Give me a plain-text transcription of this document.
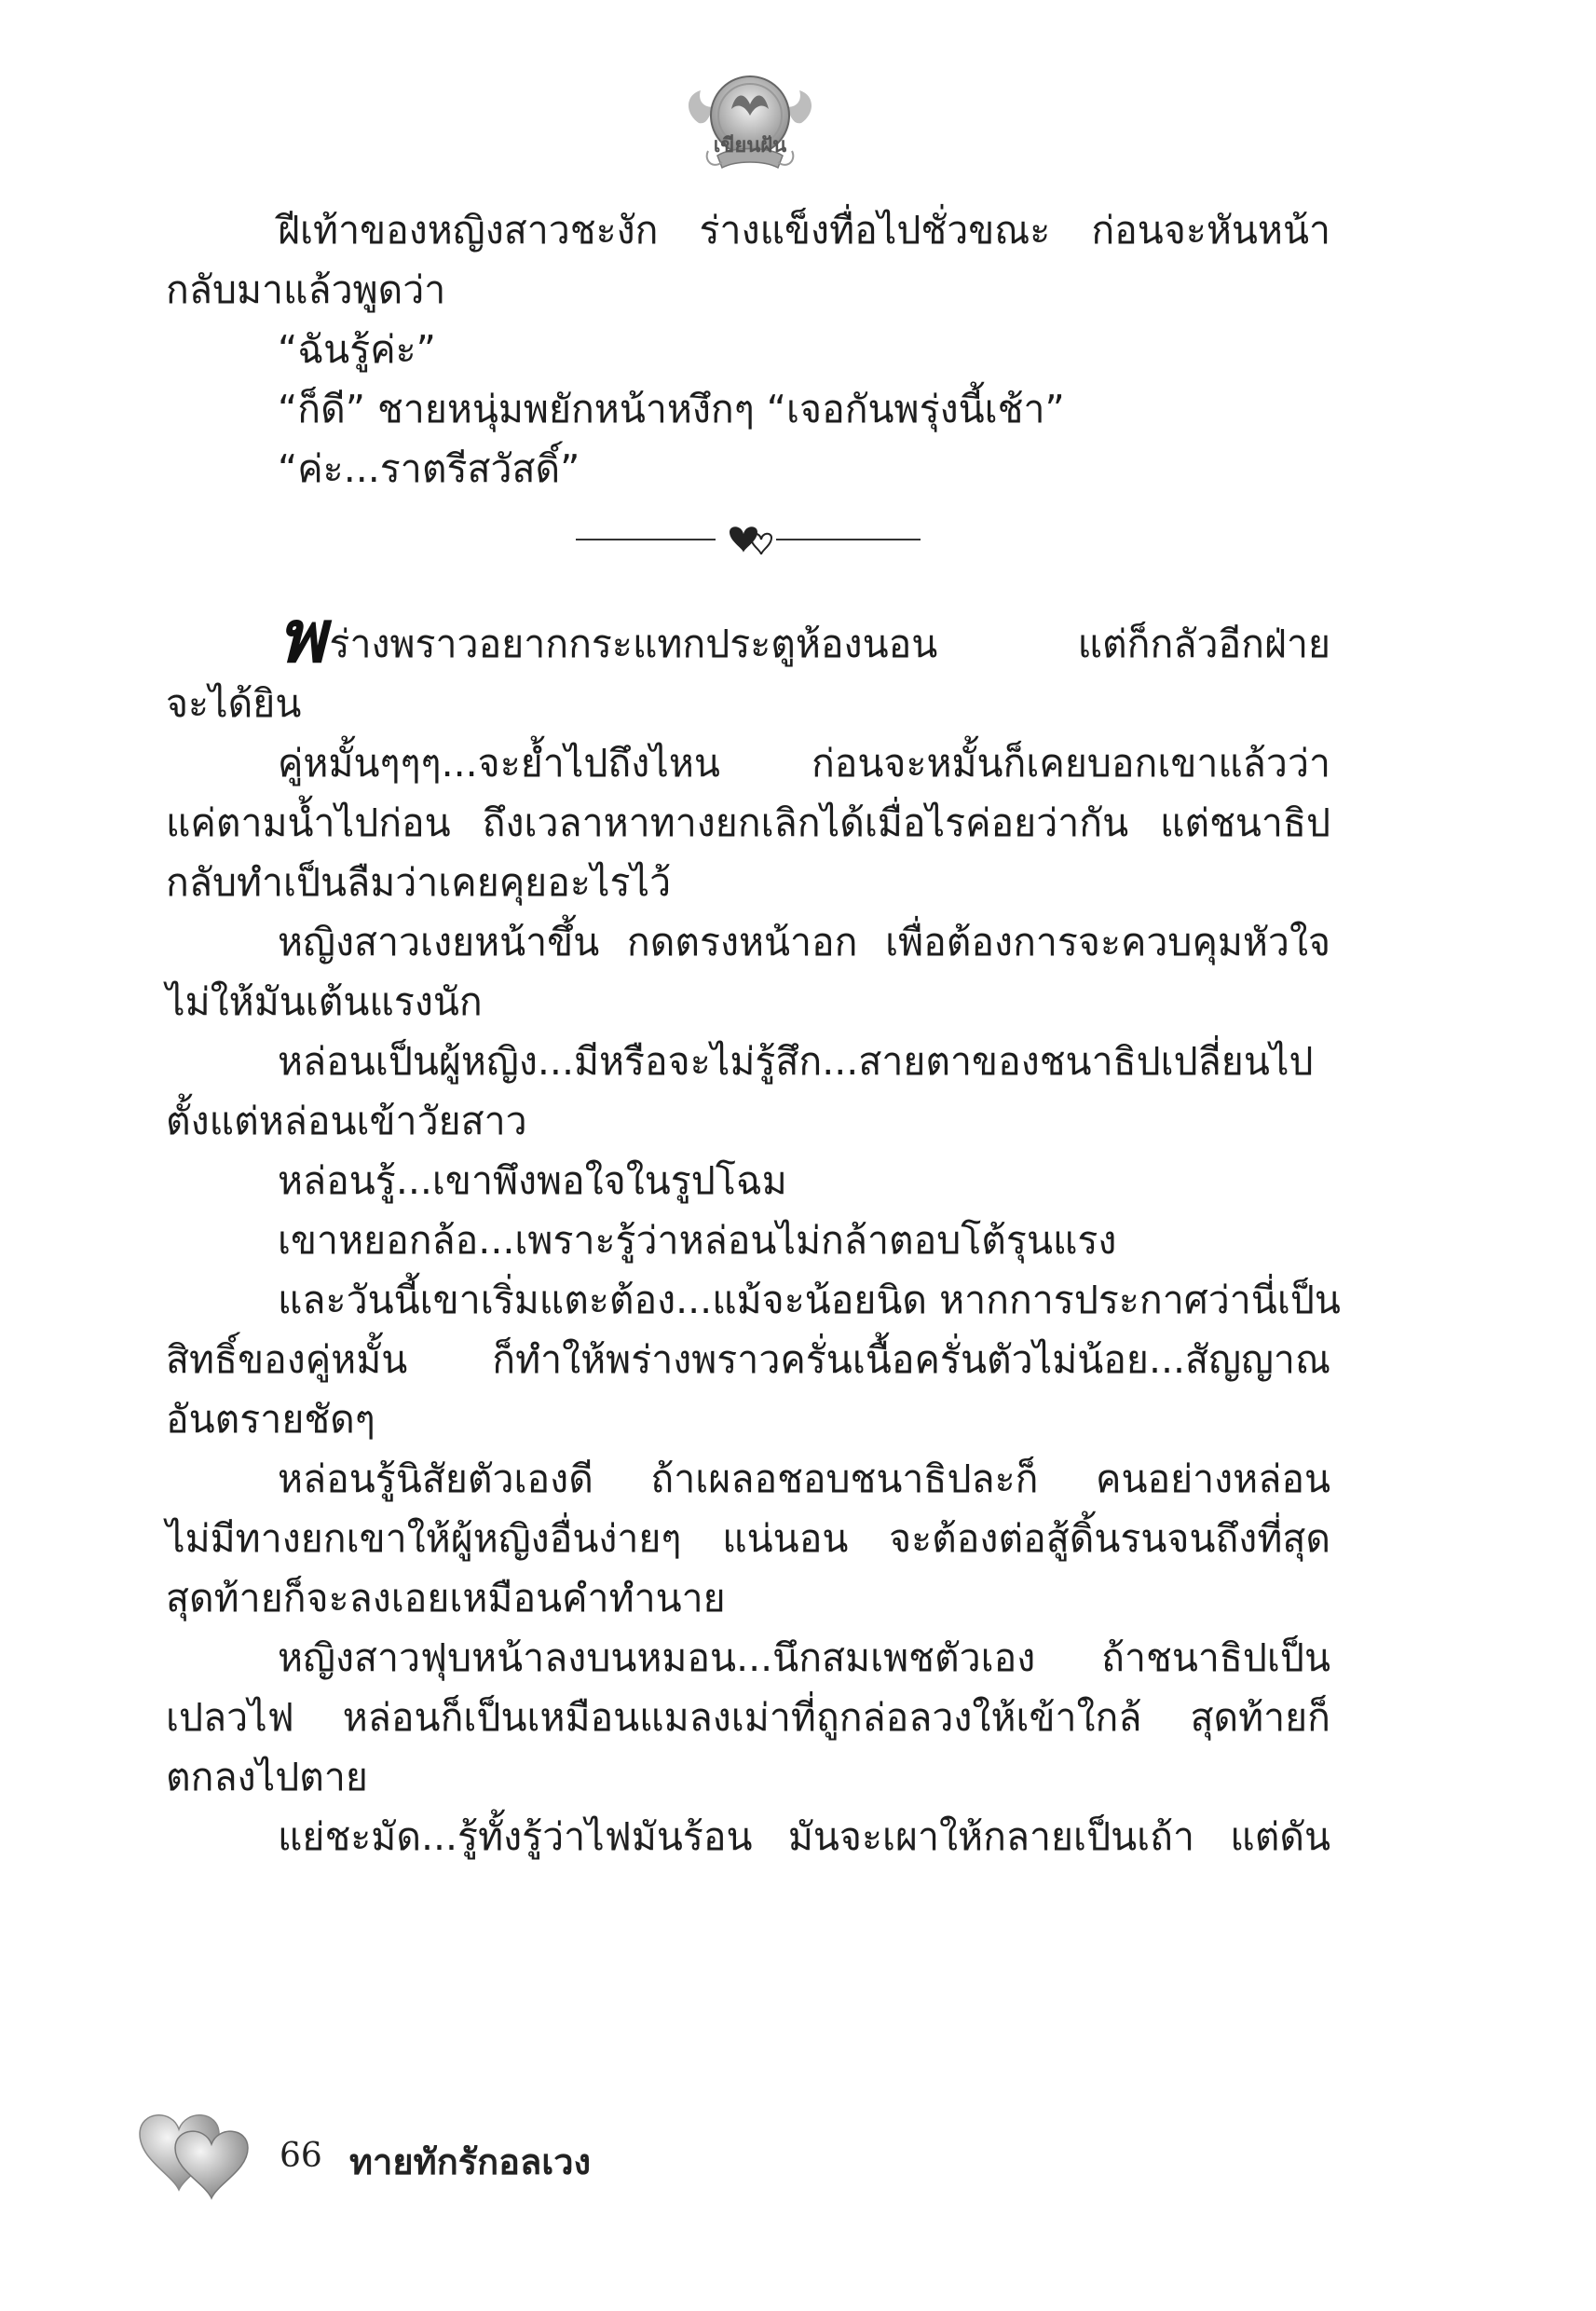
เขียนฝัน
ฝีเท้าของหญิงสาวชะงัก ร่างแข็งทื่อไปชั่วขณะ ก่อนจะหันหน้า
กลับมาแล้วพูดว่า
“ฉันรู้ค่ะ”
“ก็ดี” ชายหนุ่มพยักหน้าหงึกๆ “เจอกันพรุ่งนี้เช้า”
“ค่ะ...ราตรีสวัสดิ์”
พ ร่างพราวอยากกระแทกประตูห้องนอน แต่ก็กลัวอีกฝ่าย
จะได้ยิน
คู่หมั้นๆๆๆ...จะย้ำไปถึงไหน ก่อนจะหมั้นก็เคยบอกเขาแล้วว่า
แค่ตามน้ำไปก่อน ถึงเวลาหาทางยกเลิกได้เมื่อไรค่อยว่ากัน แต่ชนาธิป
กลับทำเป็นลืมว่าเคยคุยอะไรไว้
หญิงสาวเงยหน้าขึ้น กดตรงหน้าอก เพื่อต้องการจะควบคุมหัวใจ
ไม่ให้มันเต้นแรงนัก
หล่อนเป็นผู้หญิง...มีหรือจะไม่รู้สึก...สายตาของชนาธิปเปลี่ยนไป
ตั้งแต่หล่อนเข้าวัยสาว
หล่อนรู้...เขาพึงพอใจในรูปโฉม
เขาหยอกล้อ...เพราะรู้ว่าหล่อนไม่กล้าตอบโต้รุนแรง
และวันนี้เขาเริ่มแตะต้อง...แม้จะน้อยนิด หากการประกาศว่านี่เป็น
สิทธิ์ของคู่หมั้น ก็ทำให้พร่างพราวครั่นเนื้อครั่นตัวไม่น้อย...สัญญาณ
อันตรายชัดๆ
หล่อนรู้นิสัยตัวเองดี ถ้าเผลอชอบชนาธิปละก็ คนอย่างหล่อน
ไม่มีทางยกเขาให้ผู้หญิงอื่นง่ายๆ แน่นอน จะต้องต่อสู้ดิ้นรนจนถึงที่สุด
สุดท้ายก็จะลงเอยเหมือนคำทำนาย
หญิงสาวฟุบหน้าลงบนหมอน...นึกสมเพชตัวเอง ถ้าชนาธิปเป็น
เปลวไฟ หล่อนก็เป็นเหมือนแมลงเม่าที่ถูกล่อลวงให้เข้าใกล้ สุดท้ายก็
ตกลงไปตาย
แย่ชะมัด...รู้ทั้งรู้ว่าไฟมันร้อน มันจะเผาให้กลายเป็นเถ้า แต่ดัน
66 ทายทักรักอลเวง
